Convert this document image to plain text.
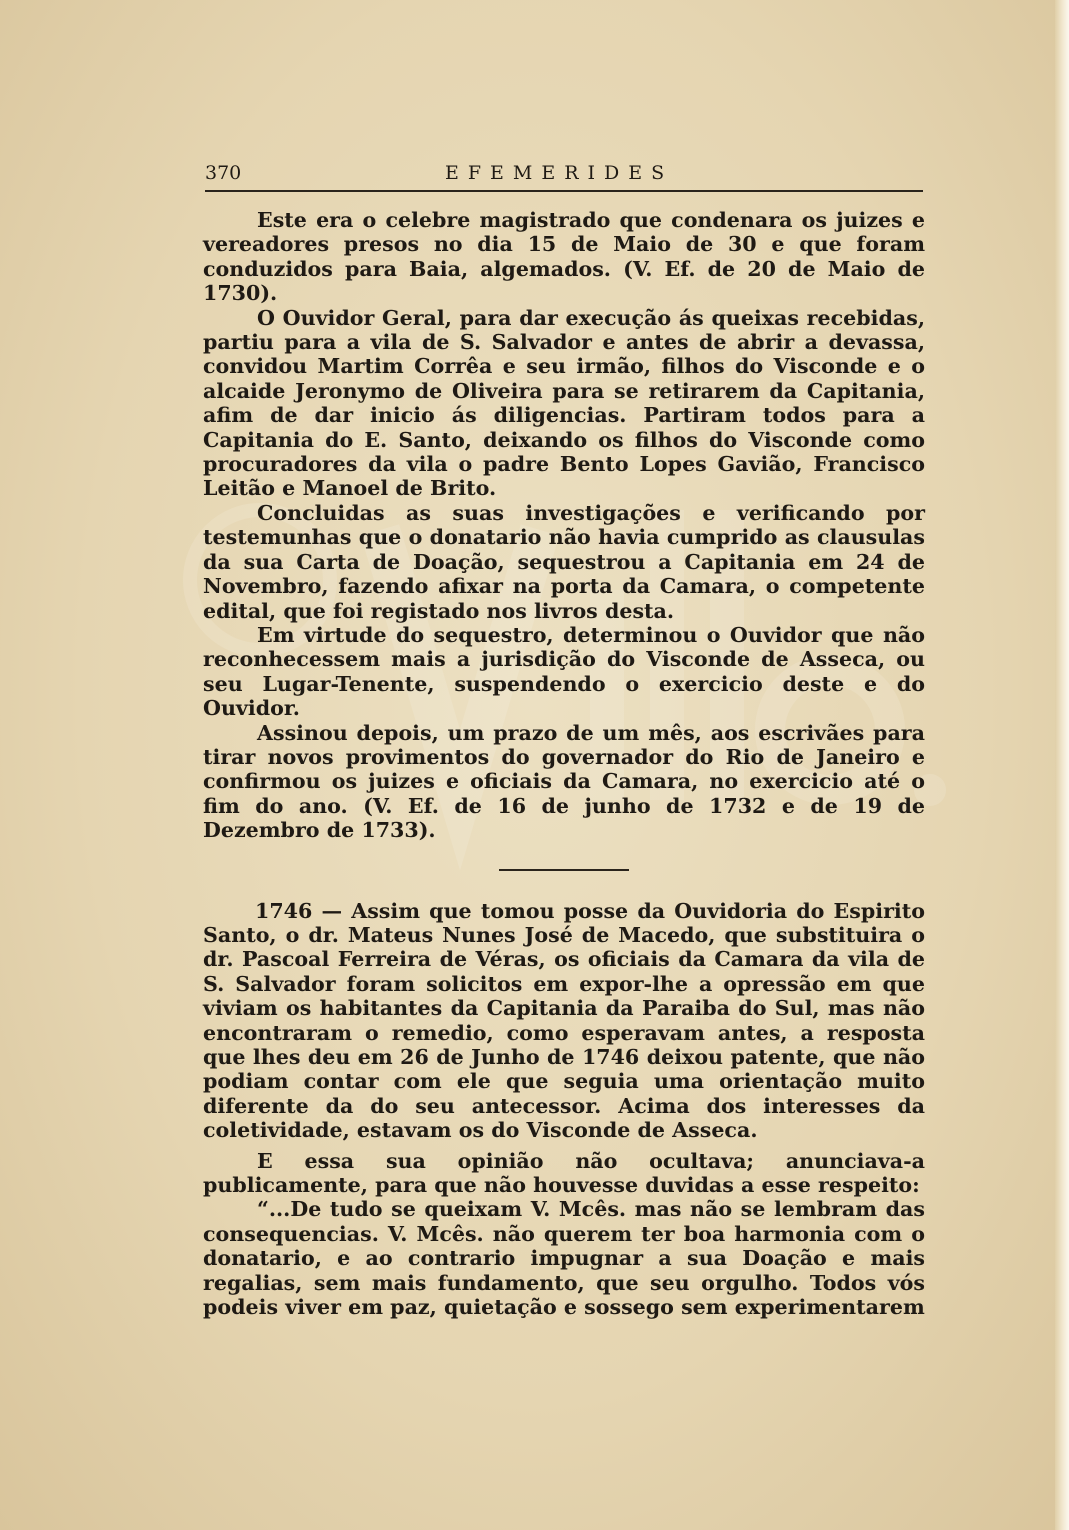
370	EFEMERIDES

Este era o celebre magistrado que condenara os juizes e vereadores presos no dia 15 de Maio de 30 e que foram conduzidos para Baia, algemados. (V. Ef. de 20 de Maio de 1730).

O Ouvidor Geral, para dar execução ás queixas recebidas, partiu para a vila de S. Salvador e antes de abrir a devassa, convidou Martim Corrêa e seu irmão, filhos do Visconde e o alcaide Jeronymo de Oliveira para se retirarem da Capitania, afim de dar inicio ás diligencias. Partiram todos para a Capitania do E. Santo, deixando os filhos do Visconde como procuradores da vila o padre Bento Lopes Gavião, Francisco Leitão e Manoel de Brito.

Concluidas as suas investigações e verificando por testemunhas que o donatario não havia cumprido as clausulas da sua Carta de Doação, sequestrou a Capitania em 24 de Novembro, fazendo afixar na porta da Camara, o competente edital, que foi registado nos livros desta.

Em virtude do sequestro, determinou o Ouvidor que não reconhecessem mais a jurisdição do Visconde de Asseca, ou seu Lugar-Tenente, suspendendo o exercicio deste e do Ouvidor.

Assinou depois, um prazo de um mês, aos escrivães para tirar novos provimentos do governador do Rio de Janeiro e confirmou os juizes e oficiais da Camara, no exercicio até o fim do ano. (V. Ef. de 16 de junho de 1732 e de 19 de Dezembro de 1733).

1746 — Assim que tomou posse da Ouvidoria do Espirito Santo, o dr. Mateus Nunes José de Macedo, que substituira o dr. Pascoal Ferreira de Véras, os oficiais da Camara da vila de S. Salvador foram solicitos em expor-lhe a opressão em que viviam os habitantes da Capitania da Paraiba do Sul, mas não encontraram o remedio, como esperavam antes, a resposta que lhes deu em 26 de Junho de 1746 deixou patente, que não podiam contar com ele que seguia uma orientação muito diferente da do seu antecessor. Acima dos interesses da coletividade, estavam os do Visconde de Asseca.

E essa sua opinião não ocultava; anunciava-a publicamente, para que não houvesse duvidas a esse respeito:

“...De tudo se queixam V. Mcês. mas não se lembram das consequencias. V. Mcês. não querem ter boa harmonia com o donatario, e ao contrario impugnar a sua Doação e mais regalias, sem mais fundamento, que seu orgulho. Todos vós podeis viver em paz, quietação e sossego sem experimentarem
